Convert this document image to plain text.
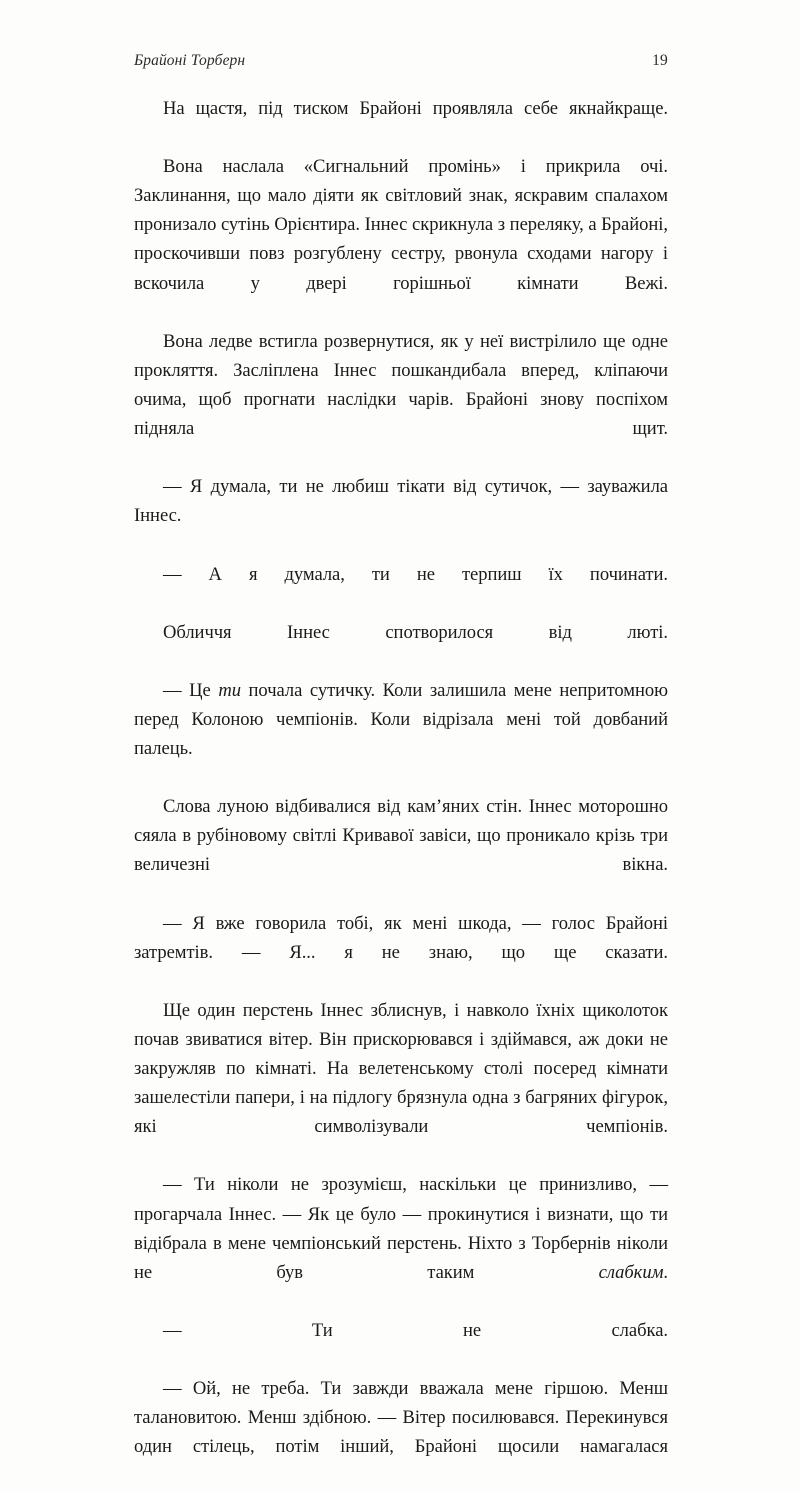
Брайоні Торберн	19

На щастя, під тиском Брайоні проявляла себе якнайкраще.

Вона наслала «Сигнальний промінь» і прикрила очі. Заклинання, що мало діяти як світловий знак, яскравим спалахом пронизало сутінь Орієнтира. Іннес скрикнула з переляку, а Брайоні, проскочивши повз розгублену сестру, рвонула сходами нагору і вскочила у двері горішньої кімнати Вежі.

Вона ледве встигла розвернутися, як у неї вистрілило ще одне прокляття. Засліплена Іннес пошкандибала вперед, кліпаючи очима, щоб прогнати наслідки чарів. Брайоні знову поспіхом підняла щит.

— Я думала, ти не любиш тікати від сутичок, — зауважила Іннес.

— А я думала, ти не терпиш їх починати.

Обличчя Іннес спотворилося від люті.

— Це ти почала сутичку. Коли залишила мене непритомною перед Колоною чемпіонів. Коли відрізала мені той довбаний палець.

Слова луною відбивалися від кам’яних стін. Іннес моторошно сяяла в рубіновому світлі Кривавої завіси, що проникало крізь три величезні вікна.

— Я вже говорила тобі, як мені шкода, — голос Брайоні затремтів. — Я... я не знаю, що ще сказати.

Ще один перстень Іннес зблиснув, і навколо їхніх щиколоток почав звиватися вітер. Він прискорювався і здіймався, аж доки не закружляв по кімнаті. На велетенському столі посеред кімнати зашелестіли папери, і на підлогу брязнула одна з багряних фігурок, які символізували чемпіонів.

— Ти ніколи не зрозумієш, наскільки це принизливо, — прогарчала Іннес. — Як це було — прокинутися і визнати, що ти відібрала в мене чемпіонський перстень. Ніхто з Торбернів ніколи не був таким слабким.

— Ти не слабка.

— Ой, не треба. Ти завжди вважала мене гіршою. Менш талановитою. Менш здібною. — Вітер посилювався. Перекинувся один стілець, потім інший, Брайоні щосили намагалася
